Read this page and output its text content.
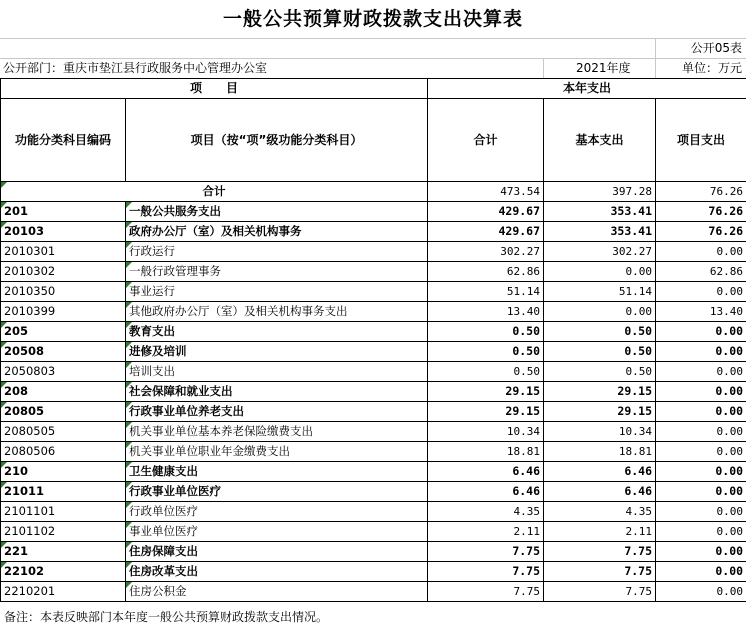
一般公共预算财政拨款支出决算表
公开05表
公开部门：重庆市垫江县行政服务中心管理办公室	2021年度	单位：万元
项　　目		本年支出		
功能分类科目编码	项目（按“项”级功能分类科目）	合计	基本支出	项目支出

合计		473.54	397.28	76.26

201	一般公共服务支出	429.67	353.41	76.26

20103	政府办公厅（室）及相关机构事务	429.67	353.41	76.26
2010301	行政运行	302.27	302.27	0.00
2010302	一般行政管理事务	62.86	0.00	62.86
2010350	事业运行	51.14	51.14	0.00
2010399	其他政府办公厅（室）及相关机构事务支出	13.40	0.00	13.40

205	教育支出	0.50	0.50	0.00

20508	进修及培训	0.50	0.50	0.00
2050803	培训支出	0.50	0.50	0.00

208	社会保障和就业支出	29.15	29.15	0.00

20805	行政事业单位养老支出	29.15	29.15	0.00
2080505	机关事业单位基本养老保险缴费支出	10.34	10.34	0.00
2080506	机关事业单位职业年金缴费支出	18.81	18.81	0.00

210	卫生健康支出	6.46	6.46	0.00

21011	行政事业单位医疗	6.46	6.46	0.00
2101101	行政单位医疗	4.35	4.35	0.00
2101102	事业单位医疗	2.11	2.11	0.00

221	住房保障支出	7.75	7.75	0.00

22102	住房改革支出	7.75	7.75	0.00
2210201	住房公积金	7.75	7.75	0.00
备注：本表反映部门本年度一般公共预算财政拨款支出情况。
